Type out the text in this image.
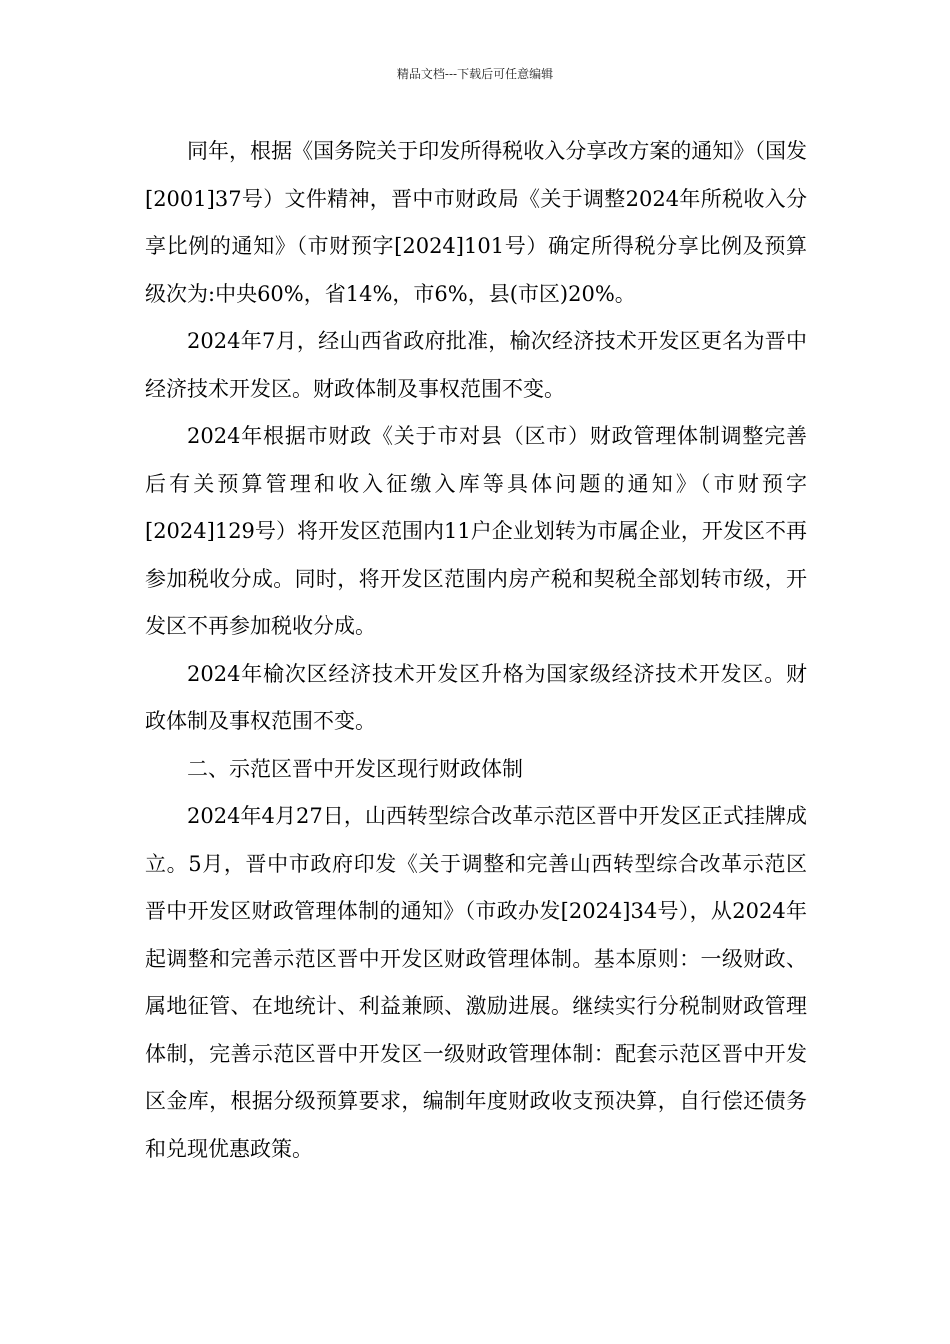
精品文档---下载后可任意编辑

同年，根据《国务院关于印发所得税收入分享改方案的通知》（国发[2001]37号）文件精神，晋中市财政局《关于调整2024年所税收入分享比例的通知》（市财预字[2024]101号）确定所得税分享比例及预算级次为:中央60%，省14%，市6%，县(市区)20%。

2024年7月，经山西省政府批准，榆次经济技术开发区更名为晋中经济技术开发区。财政体制及事权范围不变。

2024年根据市财政《关于市对县（区市）财政管理体制调整完善后有关预算管理和收入征缴入库等具体问题的通知》（市财预字[2024]129号）将开发区范围内11户企业划转为市属企业，开发区不再参加税收分成。同时，将开发区范围内房产税和契税全部划转市级，开发区不再参加税收分成。

2024年榆次区经济技术开发区升格为国家级经济技术开发区。财政体制及事权范围不变。

二、示范区晋中开发区现行财政体制

2024年4月27日，山西转型综合改革示范区晋中开发区正式挂牌成立。5月，晋中市政府印发《关于调整和完善山西转型综合改革示范区晋中开发区财政管理体制的通知》（市政办发[2024]34号），从2024年起调整和完善示范区晋中开发区财政管理体制。基本原则：一级财政、属地征管、在地统计、利益兼顾、激励进展。继续实行分税制财政管理体制，完善示范区晋中开发区一级财政管理体制：配套示范区晋中开发区金库，根据分级预算要求，编制年度财政收支预决算，自行偿还债务和兑现优惠政策。
